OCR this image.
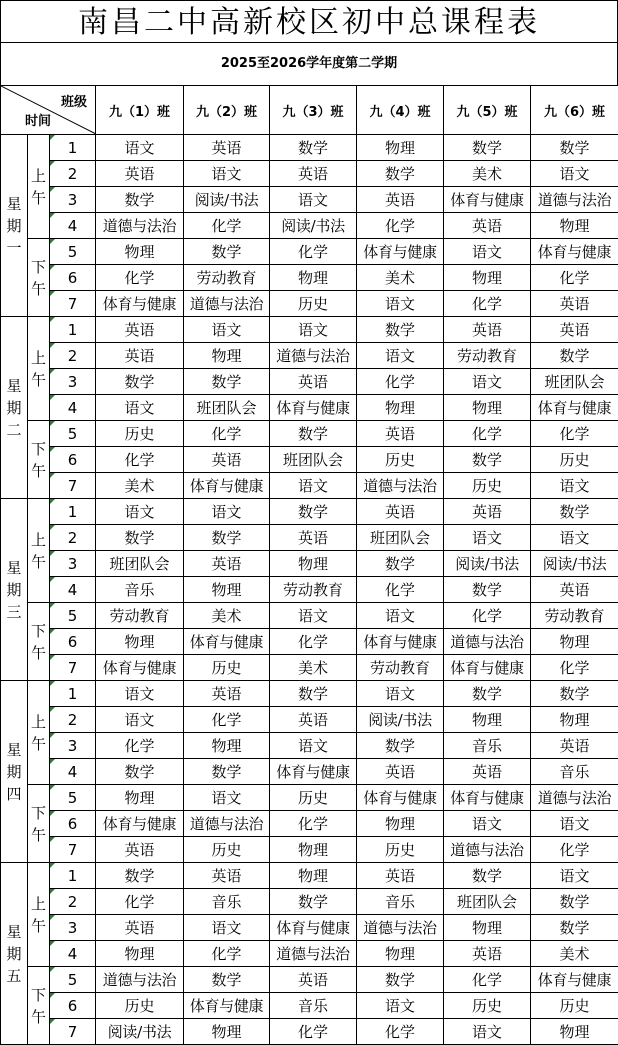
南昌二中高新校区初中总课程表
2025至2026学年度第二学期
班级
时间			九（1）班	九（2）班	九（3）班	九（4）班	九（5）班	九（6）班

星
期
一	上
午	1	语文	英语	数学	物理	数学	数学
		2	英语	语文	英语	数学	美术	语文
		3	数学	阅读/书法	语文	英语	体育与健康	道德与法治
		4	道德与法治	化学	阅读/书法	化学	英语	物理

	下
午	5	物理	数学	化学	体育与健康	语文	体育与健康
		6	化学	劳动教育	物理	美术	物理	化学
		7	体育与健康	道德与法治	历史	语文	化学	英语

星
期
二	上
午	1	英语	语文	语文	数学	英语	英语
		2	英语	物理	道德与法治	语文	劳动教育	数学
		3	数学	数学	英语	化学	语文	班团队会
		4	语文	班团队会	体育与健康	物理	物理	体育与健康

	下
午	5	历史	化学	数学	英语	化学	化学
		6	化学	英语	班团队会	历史	数学	历史
		7	美术	体育与健康	语文	道德与法治	历史	语文

星
期
三	上
午	1	语文	语文	数学	英语	英语	数学
		2	数学	数学	英语	班团队会	语文	语文
		3	班团队会	英语	物理	数学	阅读/书法	阅读/书法
		4	音乐	物理	劳动教育	化学	数学	英语

	下
午	5	劳动教育	美术	语文	语文	化学	劳动教育
		6	物理	体育与健康	化学	体育与健康	道德与法治	物理
		7	体育与健康	历史	美术	劳动教育	体育与健康	化学

星
期
四	上
午	1	语文	英语	数学	语文	数学	数学
		2	语文	化学	英语	阅读/书法	物理	物理
		3	化学	物理	语文	数学	音乐	英语
		4	数学	数学	体育与健康	英语	英语	音乐

	下
午	5	物理	语文	历史	体育与健康	体育与健康	道德与法治
		6	体育与健康	道德与法治	化学	物理	语文	语文
		7	英语	历史	物理	历史	道德与法治	化学

星
期
五	上
午	1	数学	英语	物理	英语	数学	语文
		2	化学	音乐	数学	音乐	班团队会	数学
		3	英语	语文	体育与健康	道德与法治	物理	数学
		4	物理	化学	道德与法治	物理	英语	美术

	下
午	5	道德与法治	数学	英语	数学	化学	体育与健康
		6	历史	体育与健康	音乐	语文	历史	历史
		7	阅读/书法	物理	化学	化学	语文	物理
